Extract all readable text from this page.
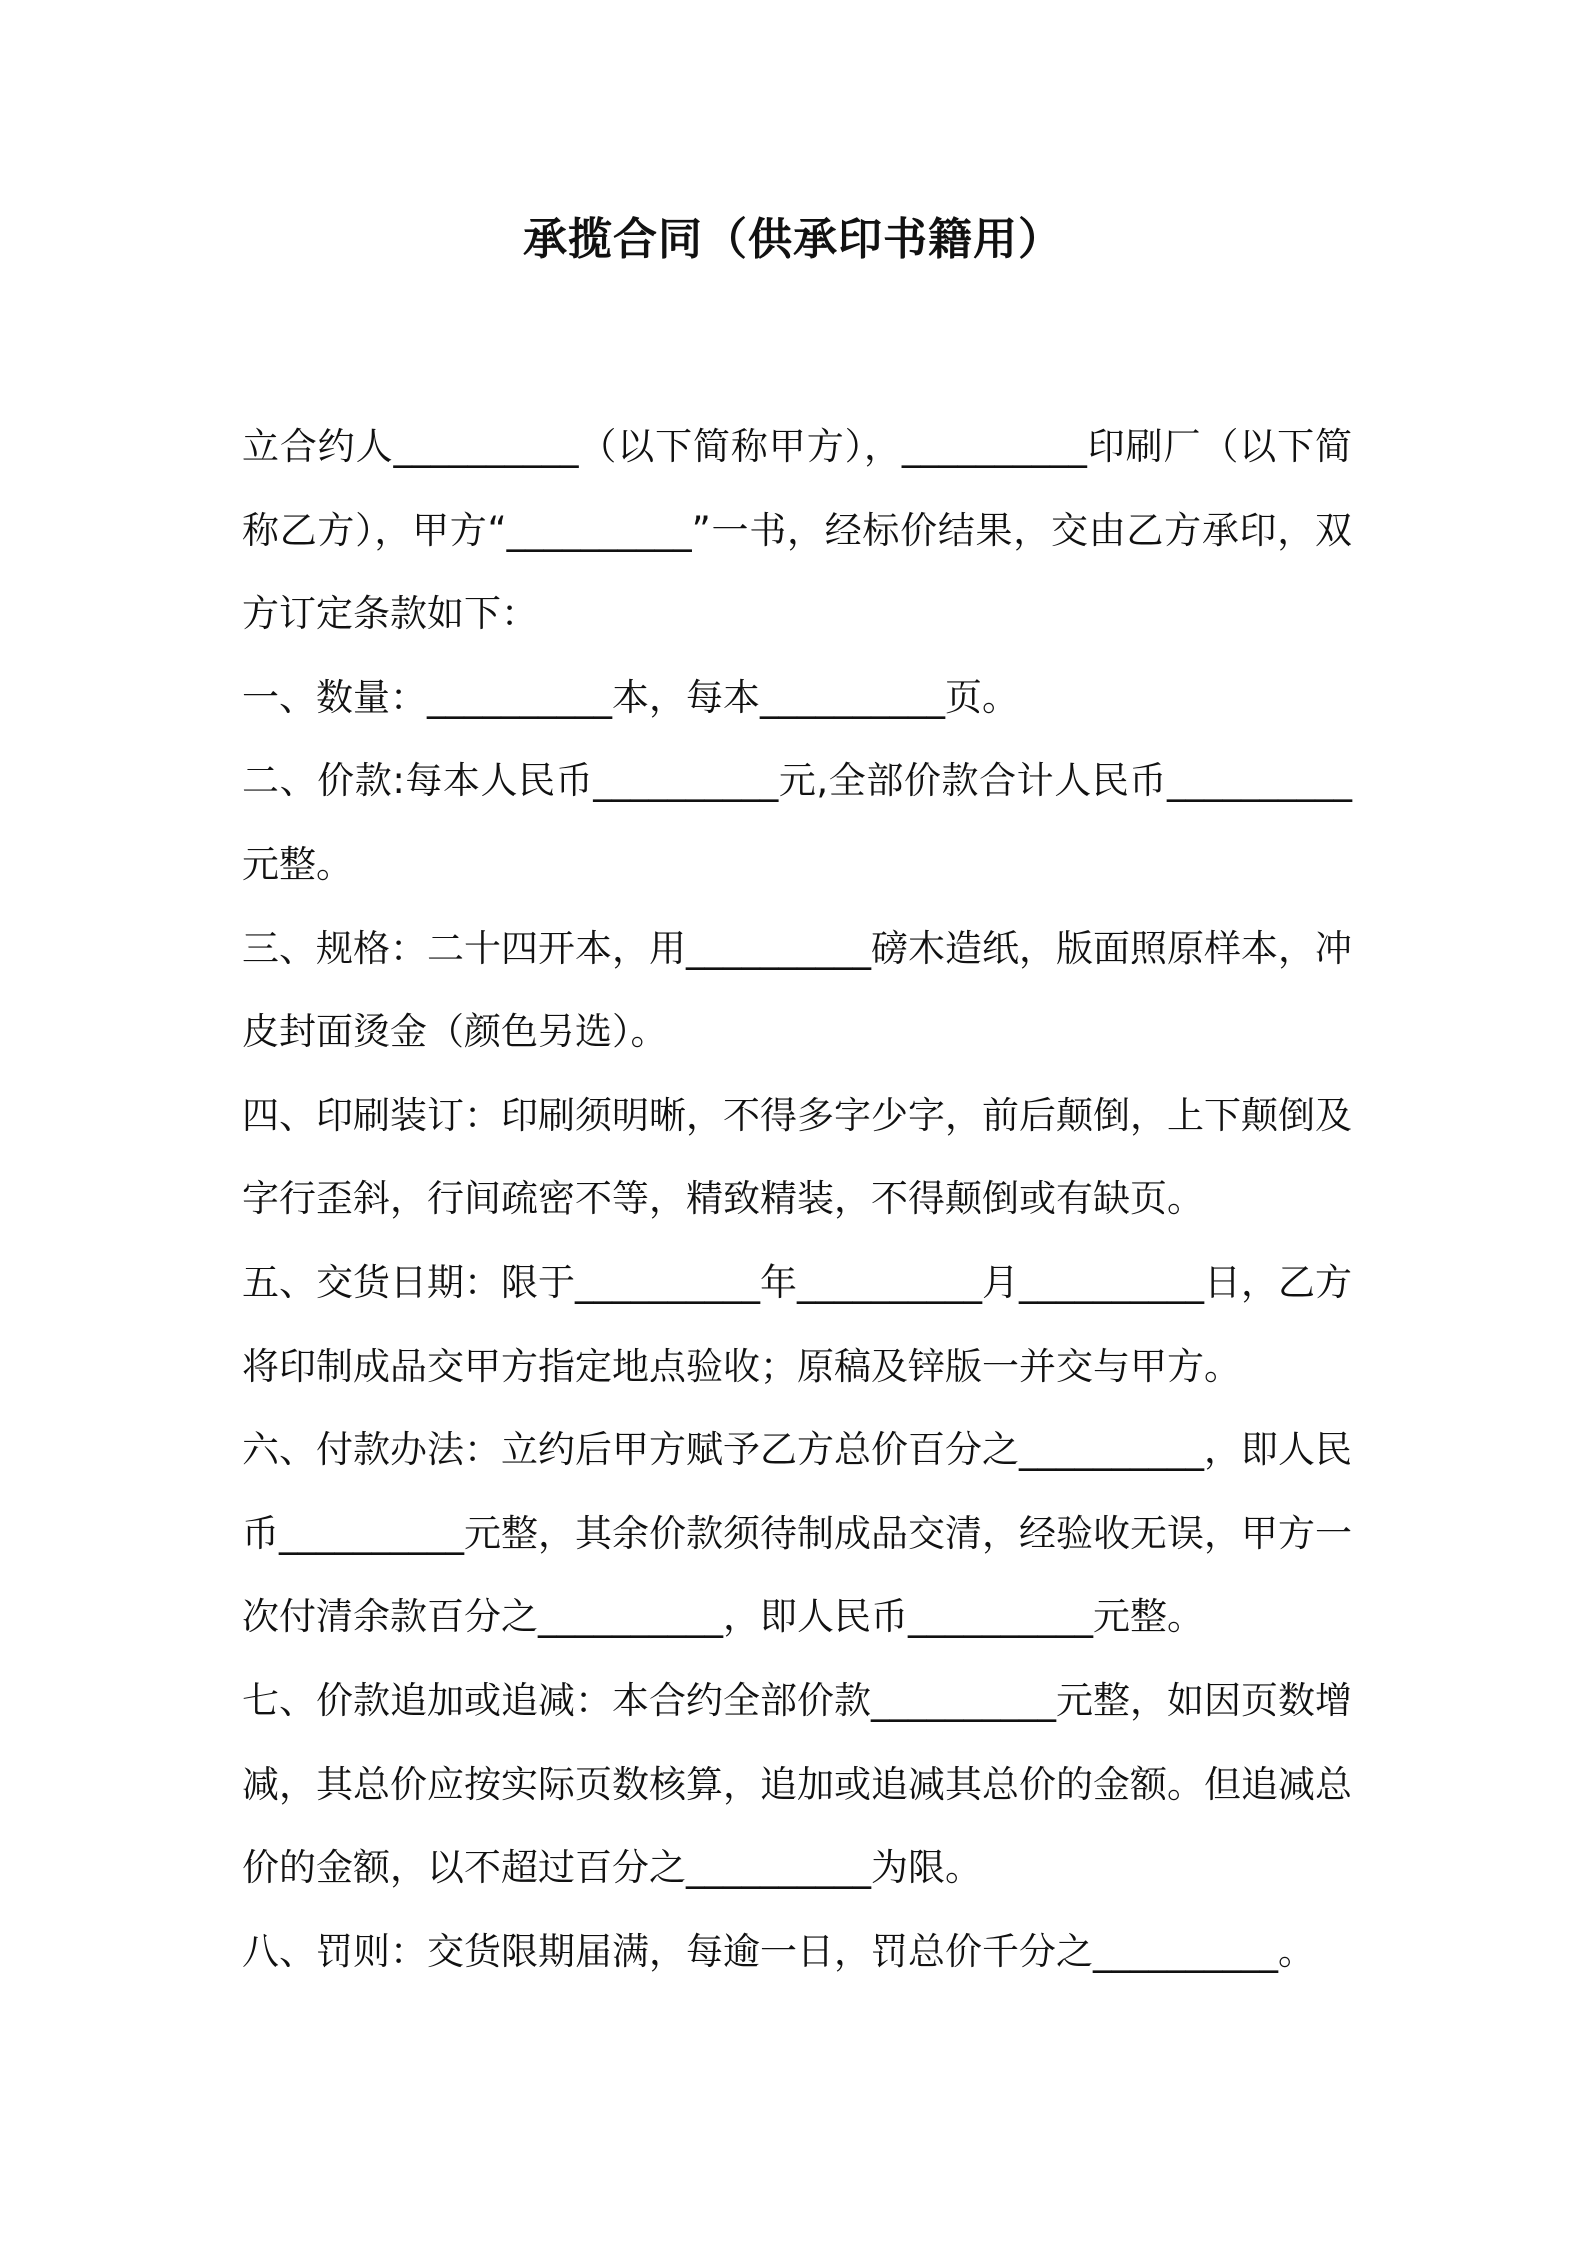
承揽合同（供承印书籍用）

立合约人__________（以下简称甲方），__________印刷厂（以下简称乙方），甲方“__________”一书，经标价结果，交由乙方承印，双方订定条款如下：

一、数量：__________本，每本__________页。

二、价款:每本人民币__________元,全部价款合计人民币__________元整。

三、规格：二十四开本，用__________磅木造纸，版面照原样本，冲皮封面烫金（颜色另选）。

四、印刷装订：印刷须明晰，不得多字少字，前后颠倒，上下颠倒及字行歪斜，行间疏密不等，精致精装，不得颠倒或有缺页。

五、交货日期：限于__________年__________月__________日，乙方将印制成品交甲方指定地点验收；原稿及锌版一并交与甲方。

六、付款办法：立约后甲方赋予乙方总价百分之__________，即人民币__________元整，其余价款须待制成品交清，经验收无误，甲方一次付清余款百分之__________，即人民币__________元整。

七、价款追加或追减：本合约全部价款__________元整，如因页数增减，其总价应按实际页数核算，追加或追减其总价的金额。但追减总价的金额，以不超过百分之__________为限。

八、罚则：交货限期届满，每逾一日，罚总价千分之__________。
